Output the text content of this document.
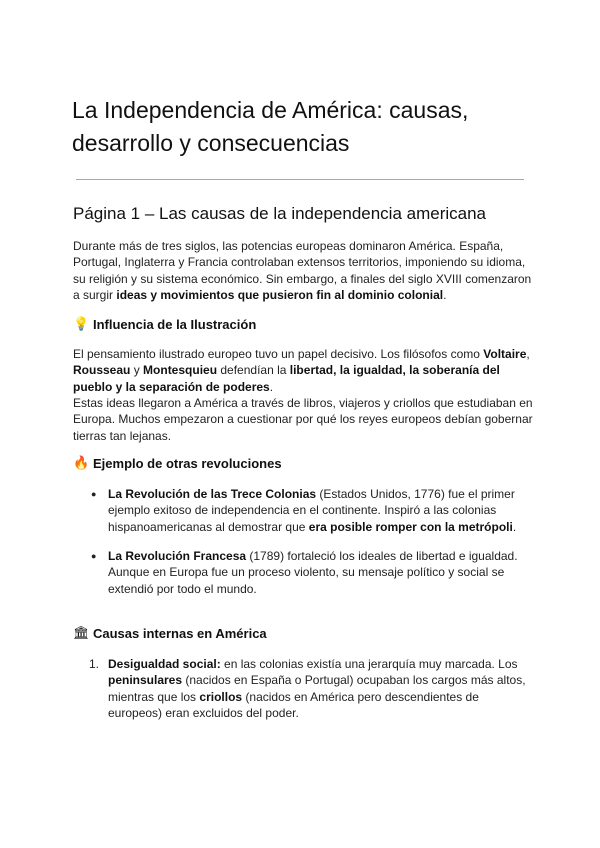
La Independencia de América: causas, desarrollo y consecuencias
Página 1 – Las causas de la independencia americana

Durante más de tres siglos, las potencias europeas dominaron América. España, Portugal, Inglaterra y Francia controlaban extensos territorios, imponiendo su idioma, su religión y su sistema económico. Sin embargo, a finales del siglo XVIII comenzaron a surgir ideas y movimientos que pusieron fin al dominio colonial.

💡 Influencia de la Ilustración

El pensamiento ilustrado europeo tuvo un papel decisivo. Los filósofos como Voltaire, Rousseau y Montesquieu defendían la libertad, la igualdad, la soberanía del pueblo y la separación de poderes.

Estas ideas llegaron a América a través de libros, viajeros y criollos que estudiaban en Europa. Muchos empezaron a cuestionar por qué los reyes europeos debían gobernar tierras tan lejanas.

🔥 Ejemplo de otras revoluciones
● La Revolución de las Trece Colonias (Estados Unidos, 1776) fue el primer ejemplo exitoso de independencia en el continente. Inspiró a las colonias hispanoamericanas al demostrar que era posible romper con la metrópoli.

● La Revolución Francesa (1789) fortaleció los ideales de libertad e igualdad. Aunque en Europa fue un proceso violento, su mensaje político y social se extendió por todo el mundo.

🏛 Causas internas en América
1. Desigualdad social: en las colonias existía una jerarquía muy marcada. Los peninsulares (nacidos en España o Portugal) ocupaban los cargos más altos, mientras que los criollos (nacidos en América pero descendientes de europeos) eran excluidos del poder.
